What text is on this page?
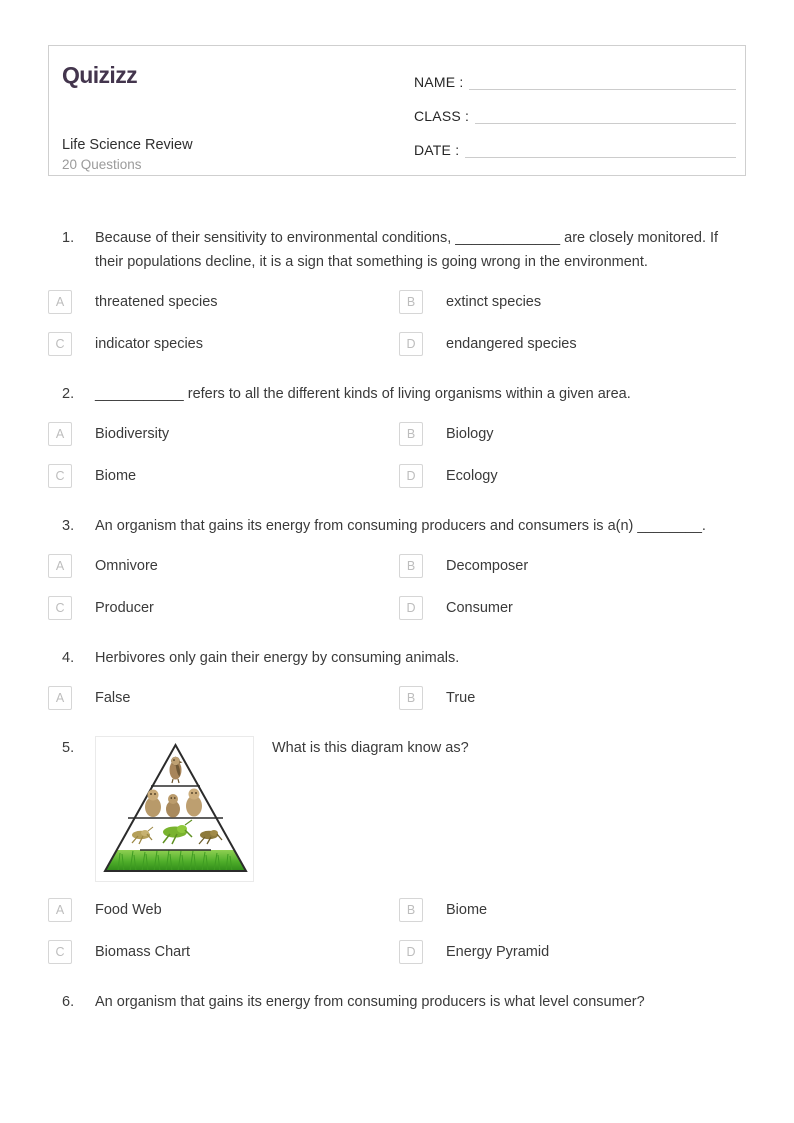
Quizizz
Life Science Review
20 Questions
NAME :
CLASS :
DATE :
1.	Because of their sensitivity to environmental conditions, _____________ are closely monitored. If their populations decline, it is a sign that something is going wrong in the environment.
A	threatened species	B	extinct species
C	indicator species	D	endangered species
2.	___________ refers to all the different kinds of living organisms within a given area.
A	Biodiversity	B	Biology
C	Biome	D	Ecology
3.	An organism that gains its energy from consuming producers and consumers is a(n) ________.
A	Omnivore	B	Decomposer
C	Producer	D	Consumer
4.	Herbivores only gain their energy by consuming animals.
A	False	B	True
5.	What is this diagram know as?
A	Food Web	B	Biome
C	Biomass Chart	D	Energy Pyramid
6.	An organism that gains its energy from consuming producers is what level consumer?
